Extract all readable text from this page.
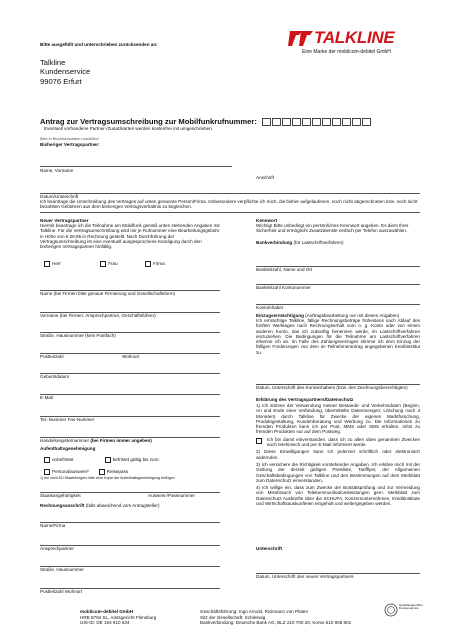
Bitte ausgefüllt und unterschrieben zurücksenden an:	TALKLINE
Eine Marke der mobilcom-debitel GmbH
Talkline
Kundenservice
99076 Erfurt
Antrag zur Vertragsumschreibung zur Mobilfunkrufnummer:
Eventuell vorhandene Partner-/Zusatzkarten werden kostenfrei mit umgeschrieben.
Bitte in Blockbuchstaben ausfüllen!
Bisheriger Vertragspartner:
Name, Vorname
Anschrift
Datum/Unterschrift
Ich beantrage die Umschreibung des Vertrages auf unten genannte Person/Firma. Insbesondere verpflichte ich mich, die bisher aufgelaufenen, noch nicht abgerechneten bzw. noch nicht bezahlten Gebühren aus dem bisherigen Vertragsverhältnis zu begleichen.
Neuer Vertragspartner
Hiermit beantrage ich die Teilnahme am Mobilfunk gemäß unten stehenden Angaben mit Talkline. Für die Vertragsumschreibung wird mir je Rufnummer eine Bearbeitungsgebühr in Höhe von € 29,95 in Rechnung gestellt. Nach Durchführung der Vertragsumschreibung ist eine eventuell ausgesprochene Kündigung durch den bisherigen Vertragspartner hinfällig.
Herr	Frau	Firma
Name (bei Firmen bitte genaue Firmierung und Gesellschaftsform)
Vorname (bei Firmen: Ansprechpartner, Geschäftsführer)
Straße, Hausnummer (kein Postfach)
Postleitzahl	Wohnort
Geburtsdatum
E-Mail
Tel.-Nummer Fax-Nummer
Handelsregisternummer (bei Firmen immer angeben)
Aufenthaltsgenehmigung
unbefristet	befristet gültig bis zum:
Personalausweis¹⁾	Reisepass
1) bei nicht EU-Staatsbürgern bitte eine Kopie der Aufenthaltsgenehmigung beifügen
Staatsangehörigkeit	Ausweis-/Passnummer
Rechnungsanschrift (falls abweichend vom Antragsteller)
Name/Firma
Ansprechpartner
Straße, Hausnummer
Postleitzahl Wohnort
Kennwort
Wichtig! Bitte unbedingt ein persönliches Kennwort angeben. Es dient Ihrer Sicherheit und ermöglicht Zusatzdienste einfach per Telefon auszuwählen.
Bankverbindung (für Lastschriftverfahren)
Bankleitzahl, Name und Ort
Bankleitzahl Kontonummer
Kontoinhaber
Einzugsermächtigung (Auftragsbearbeitung nur mit diesen Angaben)
Ich ermächtige Talkline, fällige Rechnungsbeträge frühestens nach Ablauf des fünften Werktages nach Rechnungserhalt vom o. g. Konto oder von einem anderen Konto, das ich zukünftig benennen werde, im Lastschriftverfahren einzuziehen. Die Bedingungen für die Teilnahme am Lastschriftverfahren erkenne ich an. Im Falle des Zahlungsverzuges stimme ich dem Einzug der fälligen Forderungen von dem im Teilnehmerantrag angegebenen Kreditinstitut zu.
Datum, Unterschrift des Kontoinhabers (bzw. des Zeichnungsberechtigten)
Erklärung des Vertragspartners/Datenschutz
1) Ich stimme der Verwendung meiner Bestands- und Verkehrsdaten (Beginn, An und Ende einer Verbindung, übermittelte Datenmengen; Löschung nach 3 Monaten) durch Talkline für Zwecke der eigenen Marktforschung, Produktgestaltung, Kundenberatung und Werbung zu. Die Informationen zu fremden Produkten kann ich per Post, MMS oder SMS erhalten. Infos zu fremden Produkten nur auf dem Postweg.
Ich bin damit einverstanden, dass ich zu allen oben genannten Zwecken auch telefonisch und per E-Mail informiert werde.
2) Diese Einwilligungen kann ich jederzeit schriftlich oder elektronisch widerrufen.
3) Ich versichere die Richtigkeit vorstehender Angaben. Ich erkläre mich mit der Geltung der derzeit gültigen Preisliste, Tarifflyer, der Allgemeinen Geschäftsbedingungen von Talkline und den Bestimmungen auf dem Merkblatt zum Datenschutz einverstanden.
4) Ich willige ein, dass zum Zwecke der Bonitätsprüfung und zur Vermeidung von Missbrauch von Telekommunikationsleistungen gem. Merkblatt zum Datenschutz Auskünfte über die SCHUFA, Konzernunternehmen, Kreditinstitute und Wirtschaftsauskunfteien eingeholt und weitergegeben werden.
Unterschrift
Datum, Unterschrift des neuen Vertragspartners
mobilcom-debitel GmbH
HRB 8794 SL, Amtsgericht Flensburg
USt-ID: DE 194 910 634
Geschäftsführung: Ingo Arnold, Rickmann von Platen
Sitz der Gesellschaft: Schleswig
Bankverbindung: Deutsche Bank AG, BLZ 210 700 20, Konto 610 808 801
Qualitätsgeprüfter Kundenservice
